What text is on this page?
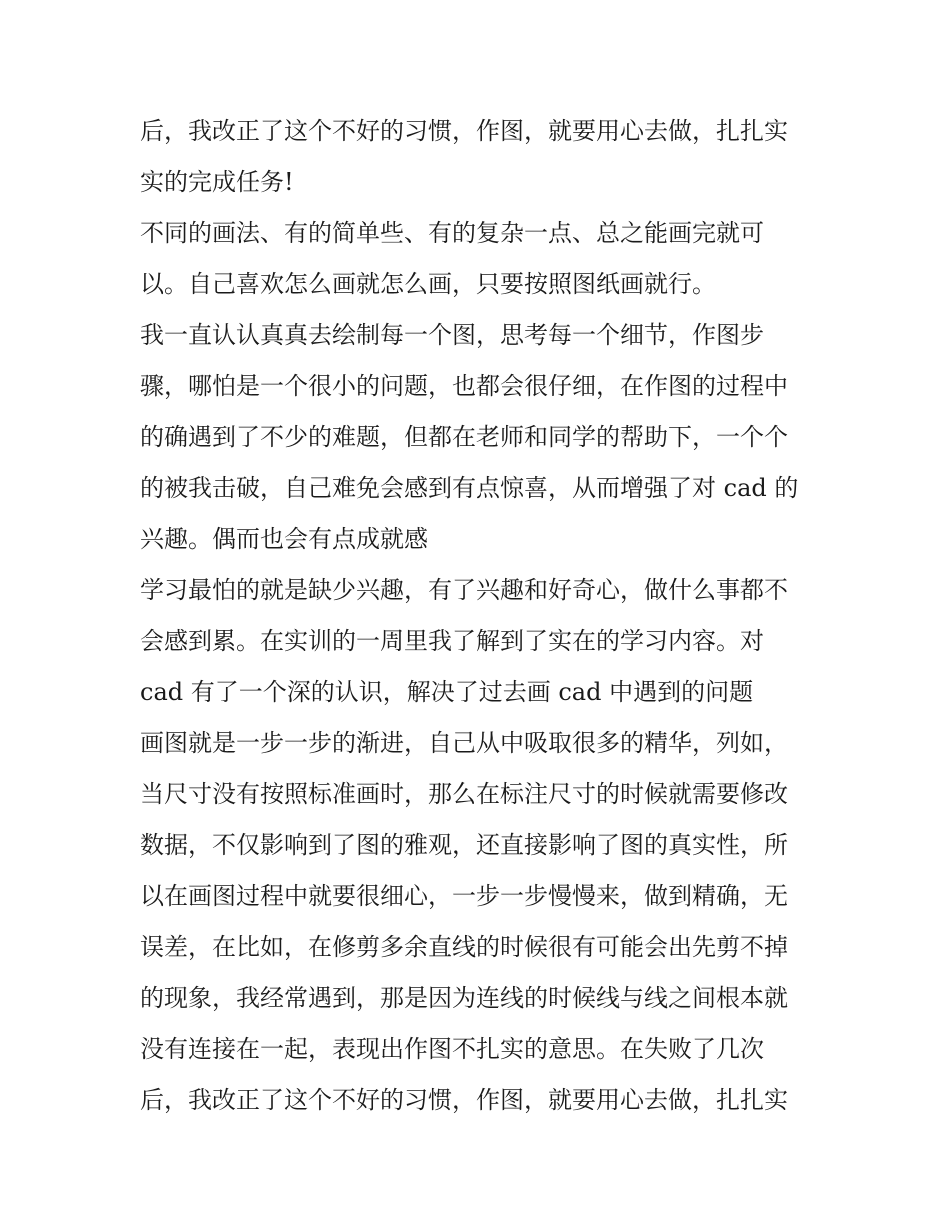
后，我改正了这个不好的习惯，作图，就要用心去做，扎扎实
实的完成任务!
不同的画法、有的简单些、有的复杂一点、总之能画完就可
以。自己喜欢怎么画就怎么画，只要按照图纸画就行。
我一直认认真真去绘制每一个图，思考每一个细节，作图步
骤，哪怕是一个很小的问题，也都会很仔细，在作图的过程中
的确遇到了不少的难题，但都在老师和同学的帮助下，一个个
的被我击破，自己难免会感到有点惊喜，从而增强了对 cad 的
兴趣。偶而也会有点成就感
学习最怕的就是缺少兴趣，有了兴趣和好奇心，做什么事都不
会感到累。在实训的一周里我了解到了实在的学习内容。对
cad 有了一个深的认识，解决了过去画 cad 中遇到的问题
画图就是一步一步的渐进，自己从中吸取很多的精华，列如，
当尺寸没有按照标准画时，那么在标注尺寸的时候就需要修改
数据，不仅影响到了图的雅观，还直接影响了图的真实性，所
以在画图过程中就要很细心，一步一步慢慢来，做到精确，无
误差，在比如，在修剪多余直线的时候很有可能会出先剪不掉
的现象，我经常遇到，那是因为连线的时候线与线之间根本就
没有连接在一起，表现出作图不扎实的意思。在失败了几次
后，我改正了这个不好的习惯，作图，就要用心去做，扎扎实
